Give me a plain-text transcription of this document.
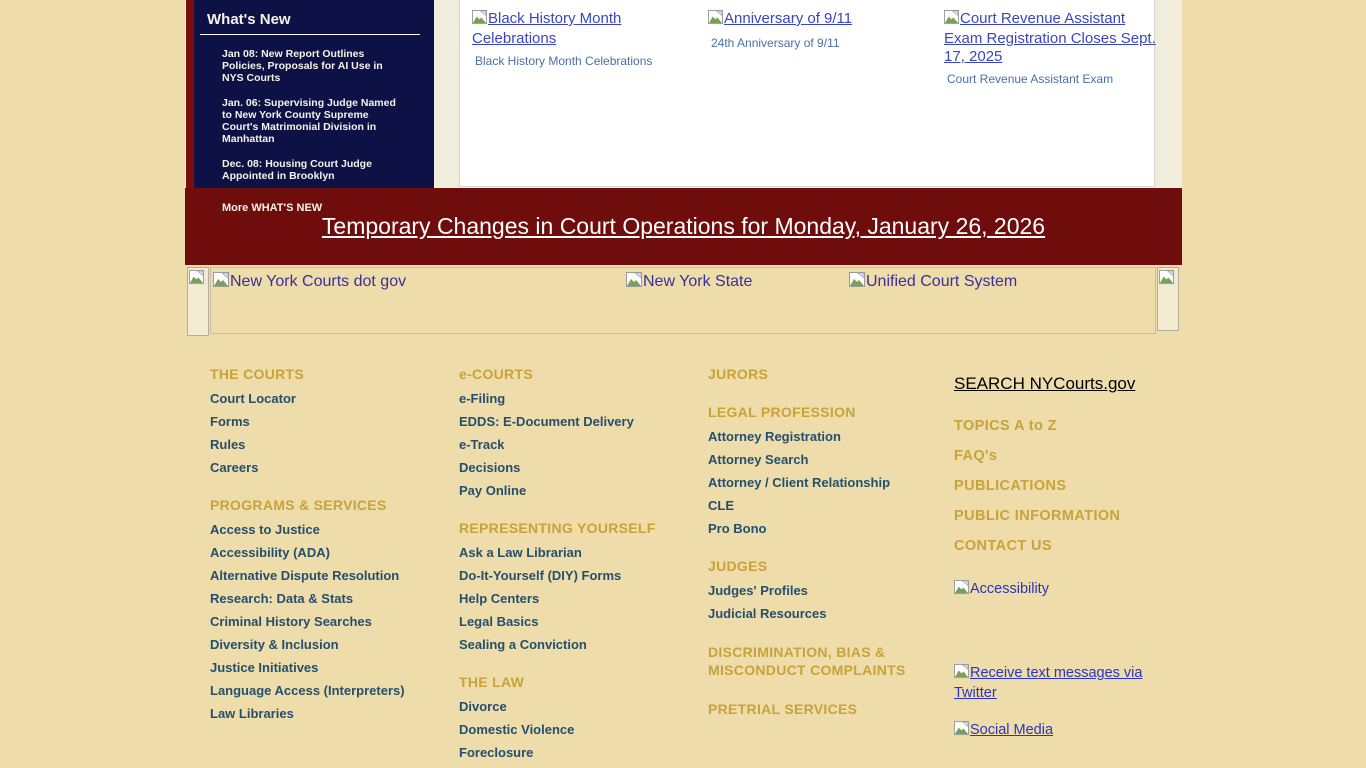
What's New
Jan 08: New Report Outlines Policies, Proposals for AI Use in NYS Courts
Jan. 06: Supervising Judge Named to New York County Supreme Court's Matrimonial Division in Manhattan
Dec. 08: Housing Court Judge Appointed in Brooklyn
More WHAT'S NEW
Black History Month Celebrations
Black History Month Celebrations
Anniversary of 9/11
24th Anniversary of 9/11
Court Revenue Assistant Exam Registration Closes Sept. 17, 2025
Court Revenue Assistant Exam
Temporary Changes in Court Operations for Monday, January 26, 2026
New York Courts dot gov	New York State	Unified Court System
THE COURTS
Court Locator
Forms
Rules
Careers
PROGRAMS & SERVICES
Access to Justice
Accessibility (ADA)
Alternative Dispute Resolution
Research: Data & Stats
Criminal History Searches
Diversity & Inclusion
Justice Initiatives
Language Access (Interpreters)
Law Libraries
e-COURTS
e-Filing
EDDS: E-Document Delivery
e-Track
Decisions
Pay Online
REPRESENTING YOURSELF
Ask a Law Librarian
Do-It-Yourself (DIY) Forms
Help Centers
Legal Basics
Sealing a Conviction
THE LAW
Divorce
Domestic Violence
Foreclosure
JURORS
LEGAL PROFESSION
Attorney Registration
Attorney Search
Attorney / Client Relationship
CLE
Pro Bono
JUDGES
Judges' Profiles
Judicial Resources
DISCRIMINATION, BIAS & MISCONDUCT COMPLAINTS
PRETRIAL SERVICES
SEARCH NYCourts.gov
TOPICS A to Z
FAQ's
PUBLICATIONS
PUBLIC INFORMATION
CONTACT US
Accessibility
Receive text messages via Twitter
Social Media
